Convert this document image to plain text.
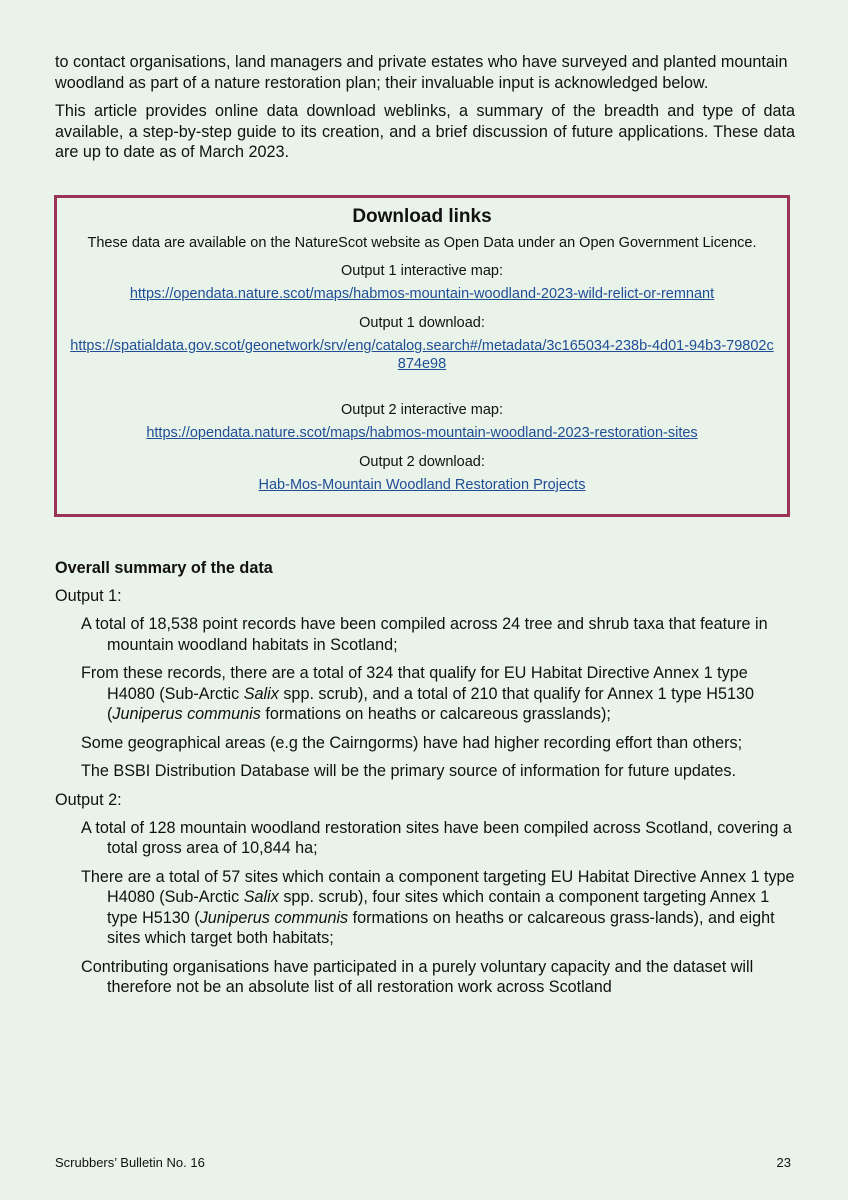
to contact organisations, land managers and private estates who have surveyed and planted mountain woodland as part of a nature restoration plan; their invaluable input is acknowledged below.

This article provides online data download weblinks, a summary of the breadth and type of data available, a step-by-step guide to its creation, and a brief discussion of future applications. These data are up to date as of March 2023.

Download links
These data are available on the NatureScot website as Open Data under an Open Government Licence.
Output 1 interactive map:
https://opendata.nature.scot/maps/habmos-mountain-woodland-2023-wild-relict-or-remnant
Output 1 download:
https://spatialdata.gov.scot/geonetwork/srv/eng/catalog.search#/metadata/3c165034-238b-4d01-94b3-79802c874e98
Output 2 interactive map:
https://opendata.nature.scot/maps/habmos-mountain-woodland-2023-restoration-sites
Output 2 download:
Hab-Mos-Mountain Woodland Restoration Projects
Overall summary of the data
Output 1:

A total of 18,538 point records have been compiled across 24 tree and shrub taxa that feature in mountain woodland habitats in Scotland;

From these records, there are a total of 324 that qualify for EU Habitat Directive Annex 1 type H4080 (Sub-Arctic Salix spp. scrub), and a total of 210 that qualify for Annex 1 type H5130 (Juniperus communis formations on heaths or calcareous grasslands);

Some geographical areas (e.g the Cairngorms) have had higher recording effort than others;

The BSBI Distribution Database will be the primary source of information for future updates.

Output 2:

A total of 128 mountain woodland restoration sites have been compiled across Scotland, covering a total gross area of 10,844 ha;

There are a total of 57 sites which contain a component targeting EU Habitat Directive Annex 1 type H4080 (Sub-Arctic Salix spp. scrub), four sites which contain a component targeting Annex 1 type H5130 (Juniperus communis formations on heaths or calcareous grass-lands), and eight sites which target both habitats;

Contributing organisations have participated in a purely voluntary capacity and the dataset will therefore not be an absolute list of all restoration work across Scotland

Scrubbers’ Bulletin No. 16	23
